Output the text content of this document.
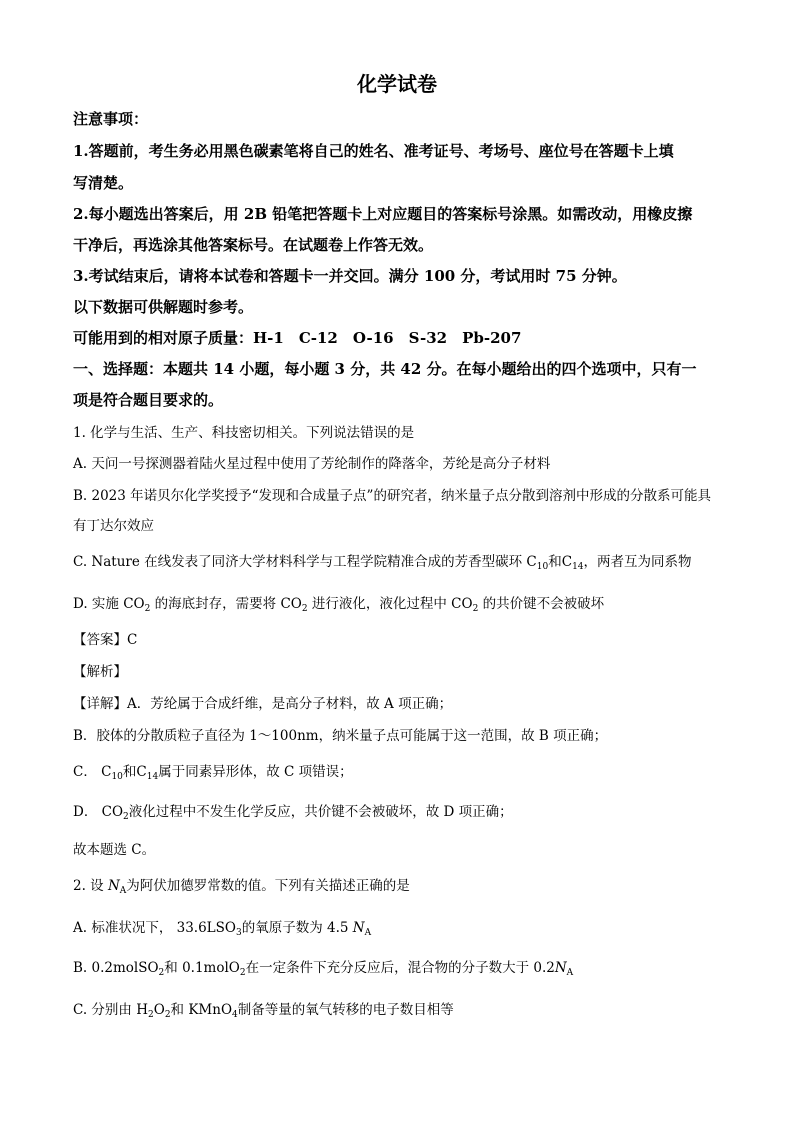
化学试卷
注意事项：
1.答题前，考生务必用黑色碳素笔将自己的姓名、准考证号、考场号、座位号在答题卡上填
写清楚。
2.每小题选出答案后，用 2B 铅笔把答题卡上对应题目的答案标号涂黑。如需改动，用橡皮擦
干净后，再选涂其他答案标号。在试题卷上作答无效。
3.考试结束后，请将本试卷和答题卡一并交回。满分 100 分，考试用时 75 分钟。
以下数据可供解题时参考。
可能用到的相对原子质量：H-1　C-12　O-16　S-32　Pb-207
一、选择题：本题共 14 小题，每小题 3 分，共 42 分。在每小题给出的四个选项中，只有一
项是符合题目要求的。
1. 化学与生活、生产、科技密切相关。下列说法错误的是
A. 天问一号探测器着陆火星过程中使用了芳纶制作的降落伞，芳纶是高分子材料
B. 2023 年诺贝尔化学奖授予“发现和合成量子点”的研究者，纳米量子点分散到溶剂中形成的分散系可能具
有丁达尔效应
C. Nature 在线发表了同济大学材料科学与工程学院精准合成的芳香型碳环 $C_{10}$和$C_{14}$，两者互为同系物
D. 实施 $CO_2$ 的海底封存，需要将 $CO_2$ 进行液化，液化过程中 $CO_2$ 的共价键不会被破坏
【答案】C
【解析】
【详解】A．芳纶属于合成纤维，是高分子材料，故 A 项正确；
B．胶体的分散质粒子直径为 1～100nm，纳米量子点可能属于这一范围，故 B 项正确；
C． $C_{10}$和$C_{14}$属于同素异形体，故 C 项错误；
D． $CO_2$液化过程中不发生化学反应，共价键不会被破坏，故 D 项正确；
故本题选 C。
2. 设 $N_A$为阿伏加德罗常数的值。下列有关描述正确的是
A. 标准状况下， $33.6LSO_3$的氧原子数为 4.5 $N_A$
B. 0.2molSO$_2$和 0.1molO$_2$在一定条件下充分反应后，混合物的分子数大于 $0.2N_A$
C. 分别由 $H_2O_2$和 KMnO$_4$制备等量的氧气转移的电子数目相等
